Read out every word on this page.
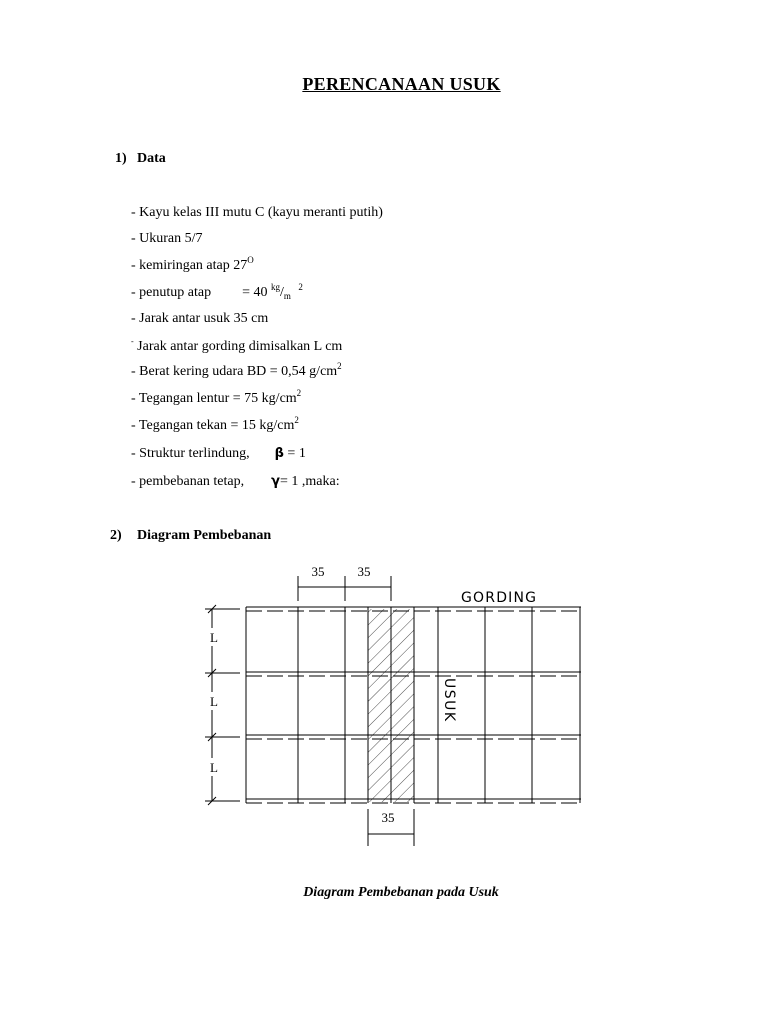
PERENCANAAN USUK
1) Data
- Kayu kelas III mutu C (kayu meranti putih)
- Ukuran 5/7
- kemiringan atap $27^O$
- penutup atap = 40 $^{kg}/_m$ $^2$
- Jarak antar usuk 35 cm
- Jarak antar gording dimisalkan L cm
- Berat kering udara BD = 0,54 $g/cm^2$
- Tegangan lentur = 75 $kg/cm^2$
- Tegangan tekan = 15 $kg/cm^2$
- Struktur terlindung, β = 1
- pembebanan tetap, γ= 1 ,maka:
2) Diagram Pembebanan
35	35
35
L
L
L
GORDING
USUK
Diagram Pembebanan pada Usuk
